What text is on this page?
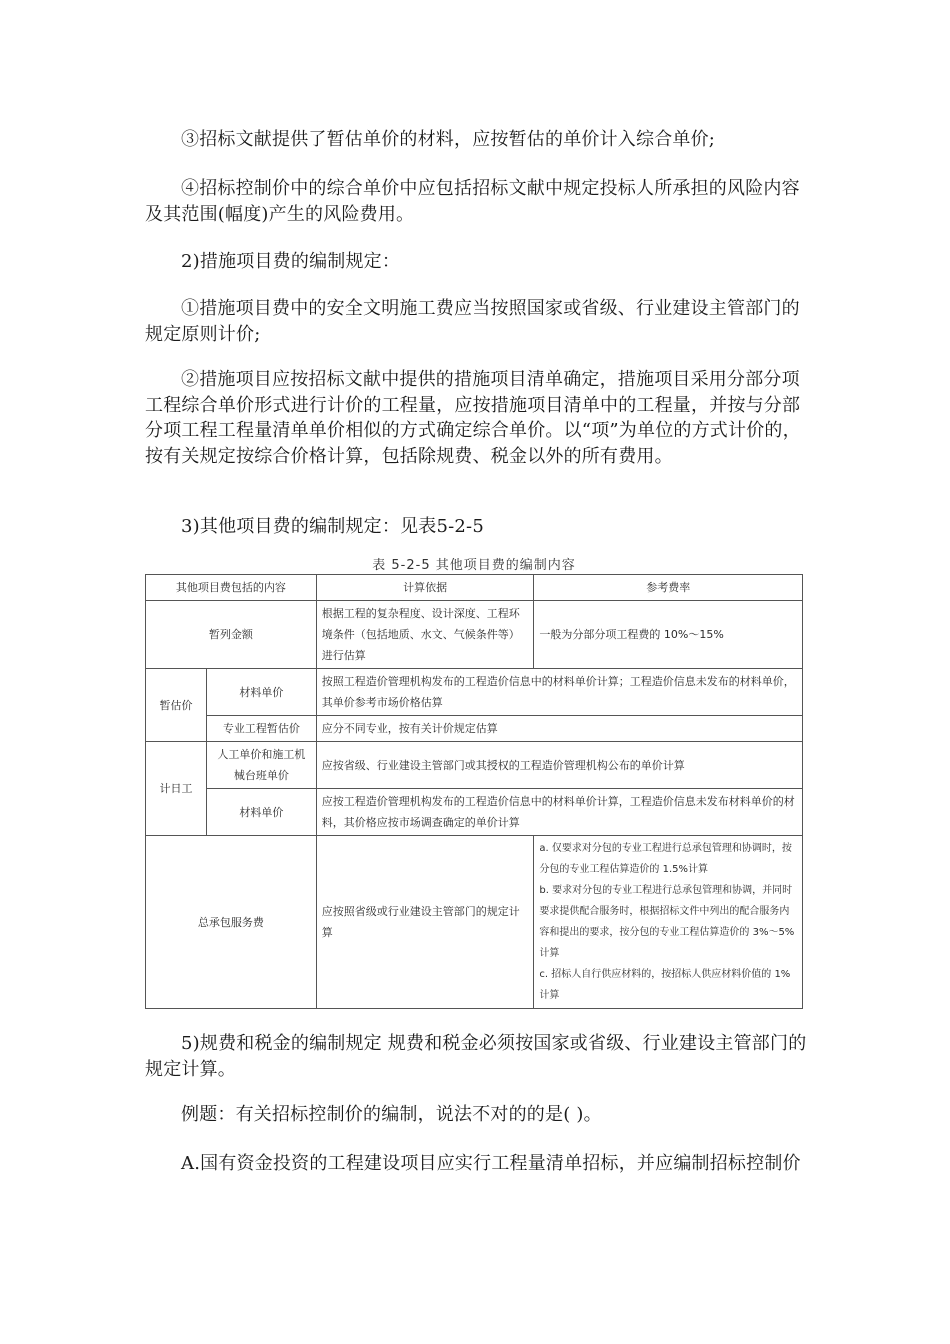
③招标文献提供了暂估单价的材料，应按暂估的单价计入综合单价;
④招标控制价中的综合单价中应包括招标文献中规定投标人所承担的风险内容及其范围(幅度)产生的风险费用。
2)措施项目费的编制规定：
①措施项目费中的安全文明施工费应当按照国家或省级、行业建设主管部门的规定原则计价;
②措施项目应按招标文献中提供的措施项目清单确定，措施项目采用分部分项工程综合单价形式进行计价的工程量，应按措施项目清单中的工程量，并按与分部分项工程工程量清单单价相似的方式确定综合单价。以“项”为单位的方式计价的，按有关规定按综合价格计算，包括除规费、税金以外的所有费用。
3)其他项目费的编制规定：见表5-2-5
表 5-2-5 其他项目费的编制内容
其他项目费包括的内容		计算依据	参考费率
暂列金额		根据工程的复杂程度、设计深度、工程环境条件（包括地质、水文、气候条件等）进行估算	一般为分部分项工程费的 10%～15%
暂估价	材料单价	按照工程造价管理机构发布的工程造价信息中的材料单价计算；工程造价信息未发布的材料单价，其单价参考市场价格估算	
	专业工程暂估价	应分不同专业，按有关计价规定估算	
计日工	人工单价和施工机械台班单价	应按省级、行业建设主管部门或其授权的工程造价管理机构公布的单价计算	
	材料单价	应按工程造价管理机构发布的工程造价信息中的材料单价计算，工程造价信息未发布材料单价的材料，其价格应按市场调查确定的单价计算	
总承包服务费		应按照省级或行业建设主管部门的规定计算	a. 仅要求对分包的专业工程进行总承包管理和协调时，按分包的专业工程估算造价的 1.5%计算
b. 要求对分包的专业工程进行总承包管理和协调，并同时要求提供配合服务时，根据招标文件中列出的配合服务内容和提出的要求，按分包的专业工程估算造价的 3%～5%计算
c. 招标人自行供应材料的，按招标人供应材料价值的 1%计算
5)规费和税金的编制规定 规费和税金必须按国家或省级、行业建设主管部门的规定计算。
例题：有关招标控制价的编制，说法不对的的是( )。
A.国有资金投资的工程建设项目应实行工程量清单招标，并应编制招标控制价
